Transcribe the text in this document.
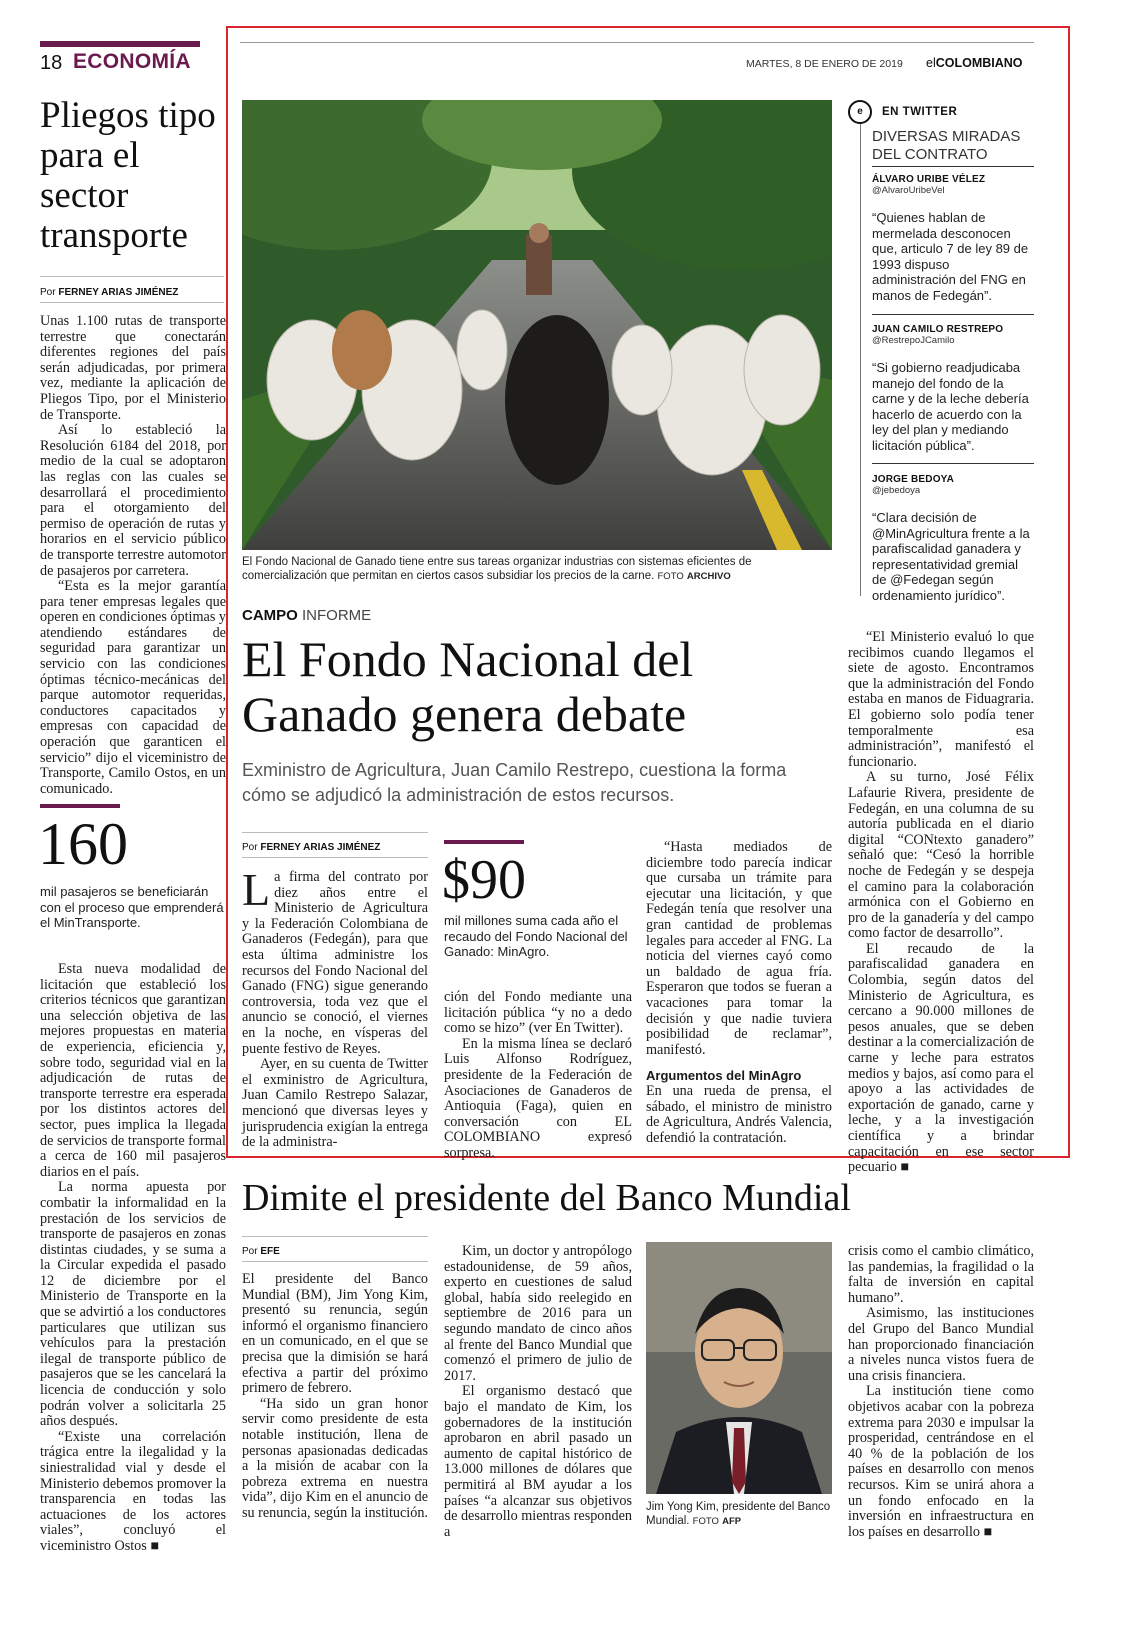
18 ECONOMÍA	MARTES, 8 DE ENERO DE 2019 elCOLOMBIANO
Pliegos tipo para el sector transporte
Por FERNEY ARIAS JIMÉNEZ

Unas 1.100 rutas de transporte terrestre que conectarán diferentes regiones del país serán adjudicadas, por primera vez, mediante la aplicación de Pliegos Tipo, por el Ministerio de Transporte.

Así lo estableció la Resolución 6184 del 2018, por medio de la cual se adoptaron las reglas con las cuales se desarrollará el procedimiento para el otorgamiento del permiso de operación de rutas y horarios en el servicio público de transporte terrestre automotor de pasajeros por carretera.

“Esta es la mejor garantía para tener empresas legales que operen en condiciones óptimas y atendiendo estándares de seguridad para garantizar un servicio con las condiciones óptimas técnico-mecánicas del parque automotor requeridas, conductores capacitados y empresas con capacidad de operación que garanticen el servicio” dijo el viceministro de Transporte, Camilo Ostos, en un comunicado.

160
mil pasajeros se beneficiarán con el proceso que emprenderá el MinTransporte.

Esta nueva modalidad de licitación que estableció los criterios técnicos que garantizan una selección objetiva de las mejores propuestas en materia de experiencia, eficiencia y, sobre todo, seguridad vial en la adjudicación de rutas de transporte terrestre era esperada por los distintos actores del sector, pues implica la llegada de servicios de transporte formal a cerca de 160 mil pasajeros diarios en el país.

La norma apuesta por combatir la informalidad en la prestación de los servicios de transporte de pasajeros en zonas distintas ciudades, y se suma a la Circular expedida el pasado 12 de diciembre por el Ministerio de Transporte en la que se advirtió a los conductores particulares que utilizan sus vehículos para la prestación ilegal de transporte público de pasajeros que se les cancelará la licencia de conducción y solo podrán volver a solicitarla 25 años después.

“Existe una correlación trágica entre la ilegalidad y la siniestralidad vial y desde el Ministerio debemos promover la transparencia en todas las actuaciones de los actores viales”, concluyó el viceministro Ostos ■

El Fondo Nacional de Ganado tiene entre sus tareas organizar industrias con sistemas eficientes de comercialización que permitan en ciertos casos subsidiar los precios de la carne. FOTO ARCHIVO
e	EN TWITTER
DIVERSAS MIRADAS DEL CONTRATO
ÁLVARO URIBE VÉLEZ
@AlvaroUribeVel
“Quienes hablan de mermelada desconocen que, articulo 7 de ley 89 de 1993 dispuso administración del FNG en manos de Fedegán”.
JUAN CAMILO RESTREPO
@RestrepoJCamilo
“Si gobierno readjudicaba manejo del fondo de la carne y de la leche debería hacerlo de acuerdo con la ley del plan y mediando licitación pública”.
JORGE BEDOYA
@jebedoya
“Clara decisión de @MinAgricultura frente a la parafiscalidad ganadera y representatividad gremial de @Fedegan según ordenamiento jurídico”.
CAMPO INFORME
El Fondo Nacional del Ganado genera debate
Exministro de Agricultura, Juan Camilo Restrepo, cuestiona la forma cómo se adjudicó la administración de estos recursos.
Por FERNEY ARIAS JIMÉNEZ

La firma del contrato por diez años entre el Ministerio de Agricultura y la Federación Colombiana de Ganaderos (Fedegán), para que esta última administre los recursos del Fondo Nacional del Ganado (FNG) sigue generando controversia, toda vez que el anuncio se conoció, el viernes en la noche, en vísperas del puente festivo de Reyes.

Ayer, en su cuenta de Twitter el exministro de Agricultura, Juan Camilo Restrepo Salazar, mencionó que diversas leyes y jurisprudencia exigían la entrega de la administra-

$90
mil millones suma cada año el recaudo del Fondo Nacional del Ganado: MinAgro.

ción del Fondo mediante una licitación pública “y no a dedo como se hizo” (ver En Twitter).

En la misma línea se declaró Luis Alfonso Rodríguez, presidente de la Federación de Asociaciones de Ganaderos de Antioquia (Faga), quien en conversación con EL COLOMBIANO expresó sorpresa.

“Hasta mediados de diciembre todo parecía indicar que cursaba un trámite para ejecutar una licitación, y que Fedegán tenía que resolver una gran cantidad de problemas legales para acceder al FNG. La noticia del viernes cayó como un baldado de agua fría. Esperaron que todos se fueran a vacaciones para tomar la decisión y que nadie tuviera posibilidad de reclamar”, manifestó.

Argumentos del MinAgro

En una rueda de prensa, el sábado, el ministro de ministro de Agricultura, Andrés Valencia, defendió la contratación.

“El Ministerio evaluó lo que recibimos cuando llegamos el siete de agosto. Encontramos que la administración del Fondo estaba en manos de Fiduagraria. El gobierno solo podía tener temporalmente esa administración”, manifestó el funcionario.

A su turno, José Félix Lafaurie Rivera, presidente de Fedegán, en una columna de su autoría publicada en el diario digital “CONtexto ganadero” señaló que: “Cesó la horrible noche de Fedegán y se despeja el camino para la colaboración armónica con el Gobierno en pro de la ganadería y del campo como factor de desarrollo”.

El recaudo de la parafiscalidad ganadera en Colombia, según datos del Ministerio de Agricultura, es cercano a 90.000 millones de pesos anuales, que se deben destinar a la comercialización de carne y leche para estratos medios y bajos, así como para el apoyo a las actividades de exportación de ganado, carne y leche, y a la investigación científica y a brindar capacitación en ese sector pecuario ■

Dimite el presidente del Banco Mundial
Por EFE

El presidente del Banco Mundial (BM), Jim Yong Kim, presentó su renuncia, según informó el organismo financiero en un comunicado, en el que se precisa que la dimisión se hará efectiva a partir del próximo primero de febrero.

“Ha sido un gran honor servir como presidente de esta notable institución, llena de personas apasionadas dedicadas a la misión de acabar con la pobreza extrema en nuestra vida”, dijo Kim en el anuncio de su renuncia, según la institución.

Kim, un doctor y antropólogo estadounidense, de 59 años, experto en cuestiones de salud global, había sido reelegido en septiembre de 2016 para un segundo mandato de cinco años al frente del Banco Mundial que comenzó el primero de julio de 2017.

El organismo destacó que bajo el mandato de Kim, los gobernadores de la institución aprobaron en abril pasado un aumento de capital histórico de 13.000 millones de dólares que permitirá al BM ayudar a los países “a alcanzar sus objetivos de desarrollo mientras responden a

Jim Yong Kim, presidente del Banco Mundial. FOTO AFP

crisis como el cambio climático, las pandemias, la fragilidad o la falta de inversión en capital humano”.

Asimismo, las instituciones del Grupo del Banco Mundial han proporcionado financiación a niveles nunca vistos fuera de una crisis financiera.

La institución tiene como objetivos acabar con la pobreza extrema para 2030 e impulsar la prosperidad, centrándose en el 40 % de la población de los países en desarrollo con menos recursos. Kim se unirá ahora a un fondo enfocado en la inversión en infraestructura en los países en desarrollo ■
